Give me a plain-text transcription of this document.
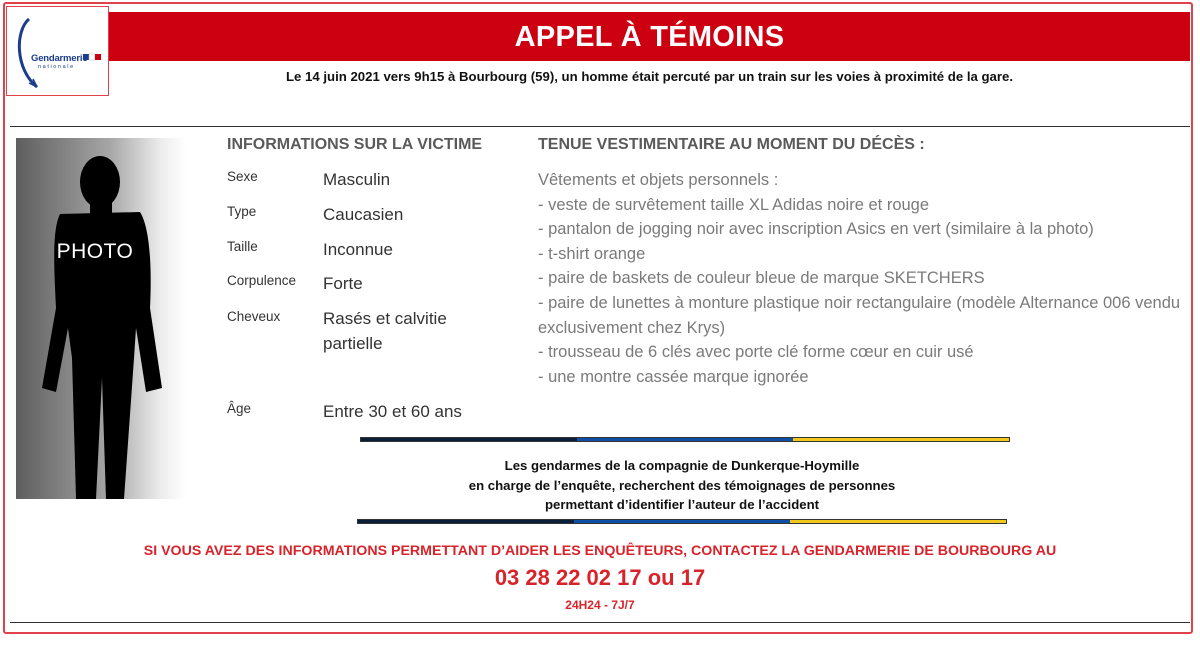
Gendarmerie
nationale
APPEL À TÉMOINS
Le 14 juin 2021 vers 9h15 à Bourbourg (59), un homme était percuté par un train sur les voies à proximité de la gare.
PHOTO
INFORMATIONS SUR LA VICTIME
Sexe	Masculin
Type	Caucasien
Taille	Inconnue
Corpulence Forte
Cheveux	Rasés et calvitie partielle
Âge	Entre 30 et 60 ans
TENUE VESTIMENTAIRE AU MOMENT DU DÉCÈS :
Vêtements et objets personnels :
- veste de survêtement taille XL Adidas noire et rouge
- pantalon de jogging noir avec inscription Asics en vert (similaire à la photo)
- t-shirt orange
- paire de baskets de couleur bleue de marque SKETCHERS
- paire de lunettes à monture plastique noir rectangulaire (modèle Alternance 006 vendu exclusivement chez Krys)
- trousseau de 6 clés avec porte clé forme cœur en cuir usé
- une montre cassée marque ignorée
Les gendarmes de la compagnie de Dunkerque-Hoymille
en charge de l’enquête, recherchent des témoignages de personnes
permettant d’identifier l’auteur de l’accident
SI VOUS AVEZ DES INFORMATIONS PERMETTANT D’AIDER LES ENQUÊTEURS, CONTACTEZ LA GENDARMERIE DE BOURBOURG AU
03 28 22 02 17 ou 17
24H24 - 7J/7
